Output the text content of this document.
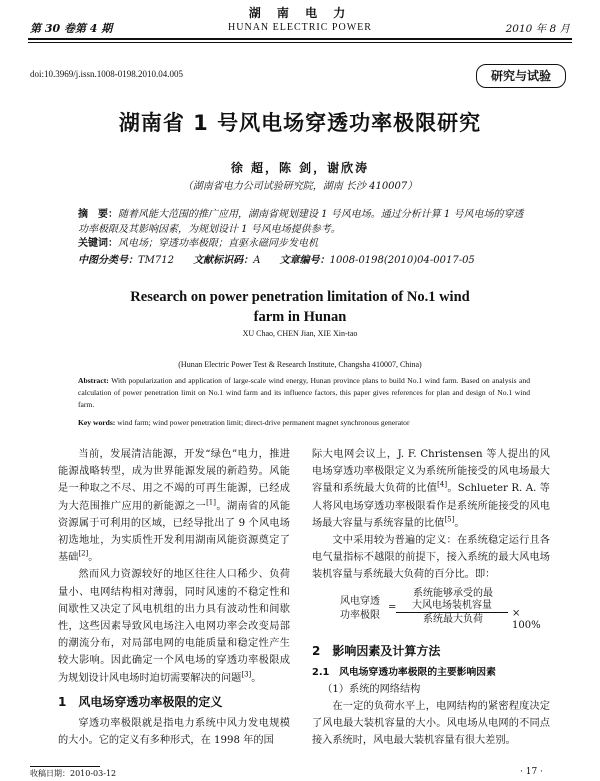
湖 南 电 力
HUNAN ELECTRIC POWER
第 30 卷第 4 期	2010 年 8 月
doi:10.3969/j.issn.1008-0198.2010.04.005	研究与试验
湖南省 1 号风电场穿透功率极限研究
徐 超，陈 剑，谢欣涛
（湖南省电力公司试验研究院，湖南 长沙 410007）
摘　要：随着风能大范围的推广应用，湖南省规划建设 1 号风电场。通过分析计算 1 号风电场的穿透功率极限及其影响因素，为规划设计 1 号风电场提供参考。
关键词：风电场；穿透功率极限；直驱永磁同步发电机
中图分类号：TM712 文献标识码：A 文章编号：1008-0198(2010)04-0017-05
Research on power penetration limitation of No.1 wind
farm in Hunan
XU Chao, CHEN Jian, XIE Xin-tao
(Hunan Electric Power Test & Research Institute, Changsha 410007, China)
Abstract: With popularization and application of large-scale wind energy, Hunan province plans to build No.1 wind farm. Based on analysis and calculation of power penetration limit on No.1 wind farm and its influence factors, this paper gives references for plan and design of No.1 wind farm.
Key words: wind farm; wind power penetration limit; direct-drive permanent magnet synchronous generator

当前，发展清洁能源，开发“绿色”电力，推进能源战略转型，成为世界能源发展的新趋势。风能是一种取之不尽、用之不竭的可再生能源，已经成为大范围推广应用的新能源之一[1]。湖南省的风能资源属于可利用的区域，已经导批出了 9 个风电场初选地址，为实质性开发利用湖南风能资源奠定了基础[2]。

然而风力资源较好的地区往往人口稀少、负荷量小、电网结构相对薄弱，同时风速的不稳定性和间歇性又决定了风电机组的出力具有波动性和间歇性，这些因素导致风电场注入电网功率会改变局部的潮流分布，对局部电网的电能质量和稳定性产生较大影响。因此确定一个风电场的穿透功率极限成为规划设计风电场时迫切需要解决的问题[3]。

1　风电场穿透功率极限的定义

穿透功率极限就是指电力系统中风力发电规模的大小。它的定义有多种形式，在 1998 年的国

际大电网会议上，J. F. Christensen 等人提出的风电场穿透功率极限定义为系统所能接受的风电场最大容量和系统最大负荷的比值[4]。Schlueter R. A. 等人将风电场穿透功率极限看作是系统所能接受的风电场最大容量与系统容量的比值[5]。

文中采用较为普遍的定义：在系统稳定运行且各电气量指标不越限的前提下，接入系统的最大风电场装机容量与系统最大负荷的百分比。即：

风电穿透
功率极限
=
系统能够承受的最
大风电场装机容量
系统最大负荷
× 100%
2　影响因素及计算方法
2.1　风电场穿透功率极限的主要影响因素

（1）系统的网络结构

在一定的负荷水平上，电网结构的紧密程度决定了风电最大装机容量的大小。风电场从电网的不同点接入系统时，风电最大装机容量有很大差别。

收稿日期：2010-03-12	· 17 ·
